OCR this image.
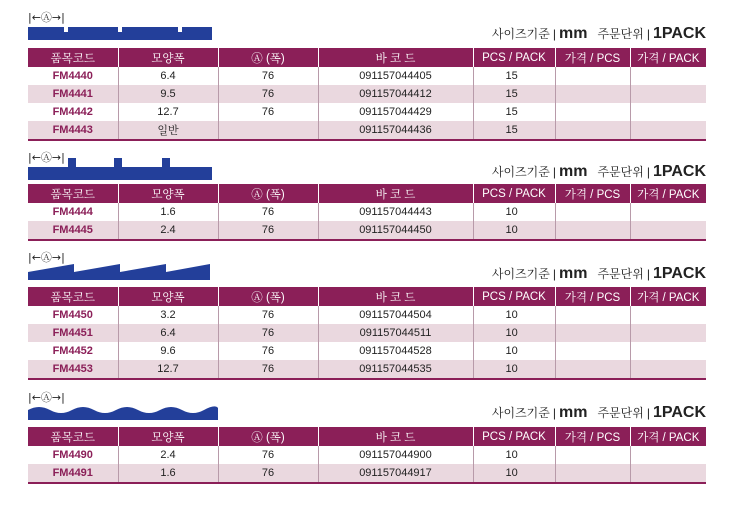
|←Ⓐ→|
사이즈기준 | mm 주문단위 | 1PACK
품목코드	모양폭	Ⓐ (폭)	바 코 드	PCS / PACK	가격 / PCS	가격 / PACK
FM4440	6.4	76	091157044405	15		
FM4441	9.5	76	091157044412	15		
FM4442	12.7	76	091157044429	15		
FM4443	일반		091157044436	15		
|←Ⓐ→|
사이즈기준 | mm 주문단위 | 1PACK
품목코드	모양폭	Ⓐ (폭)	바 코 드	PCS / PACK	가격 / PCS	가격 / PACK
FM4444	1.6	76	091157044443	10		
FM4445	2.4	76	091157044450	10		
|←Ⓐ→|
사이즈기준 | mm 주문단위 | 1PACK
품목코드	모양폭	Ⓐ (폭)	바 코 드	PCS / PACK	가격 / PCS	가격 / PACK
FM4450	3.2	76	091157044504	10		
FM4451	6.4	76	091157044511	10		
FM4452	9.6	76	091157044528	10		
FM4453	12.7	76	091157044535	10		
|←Ⓐ→|
사이즈기준 | mm 주문단위 | 1PACK
품목코드	모양폭	Ⓐ (폭)	바 코 드	PCS / PACK	가격 / PCS	가격 / PACK
FM4490	2.4	76	091157044900	10		
FM4491	1.6	76	091157044917	10		
